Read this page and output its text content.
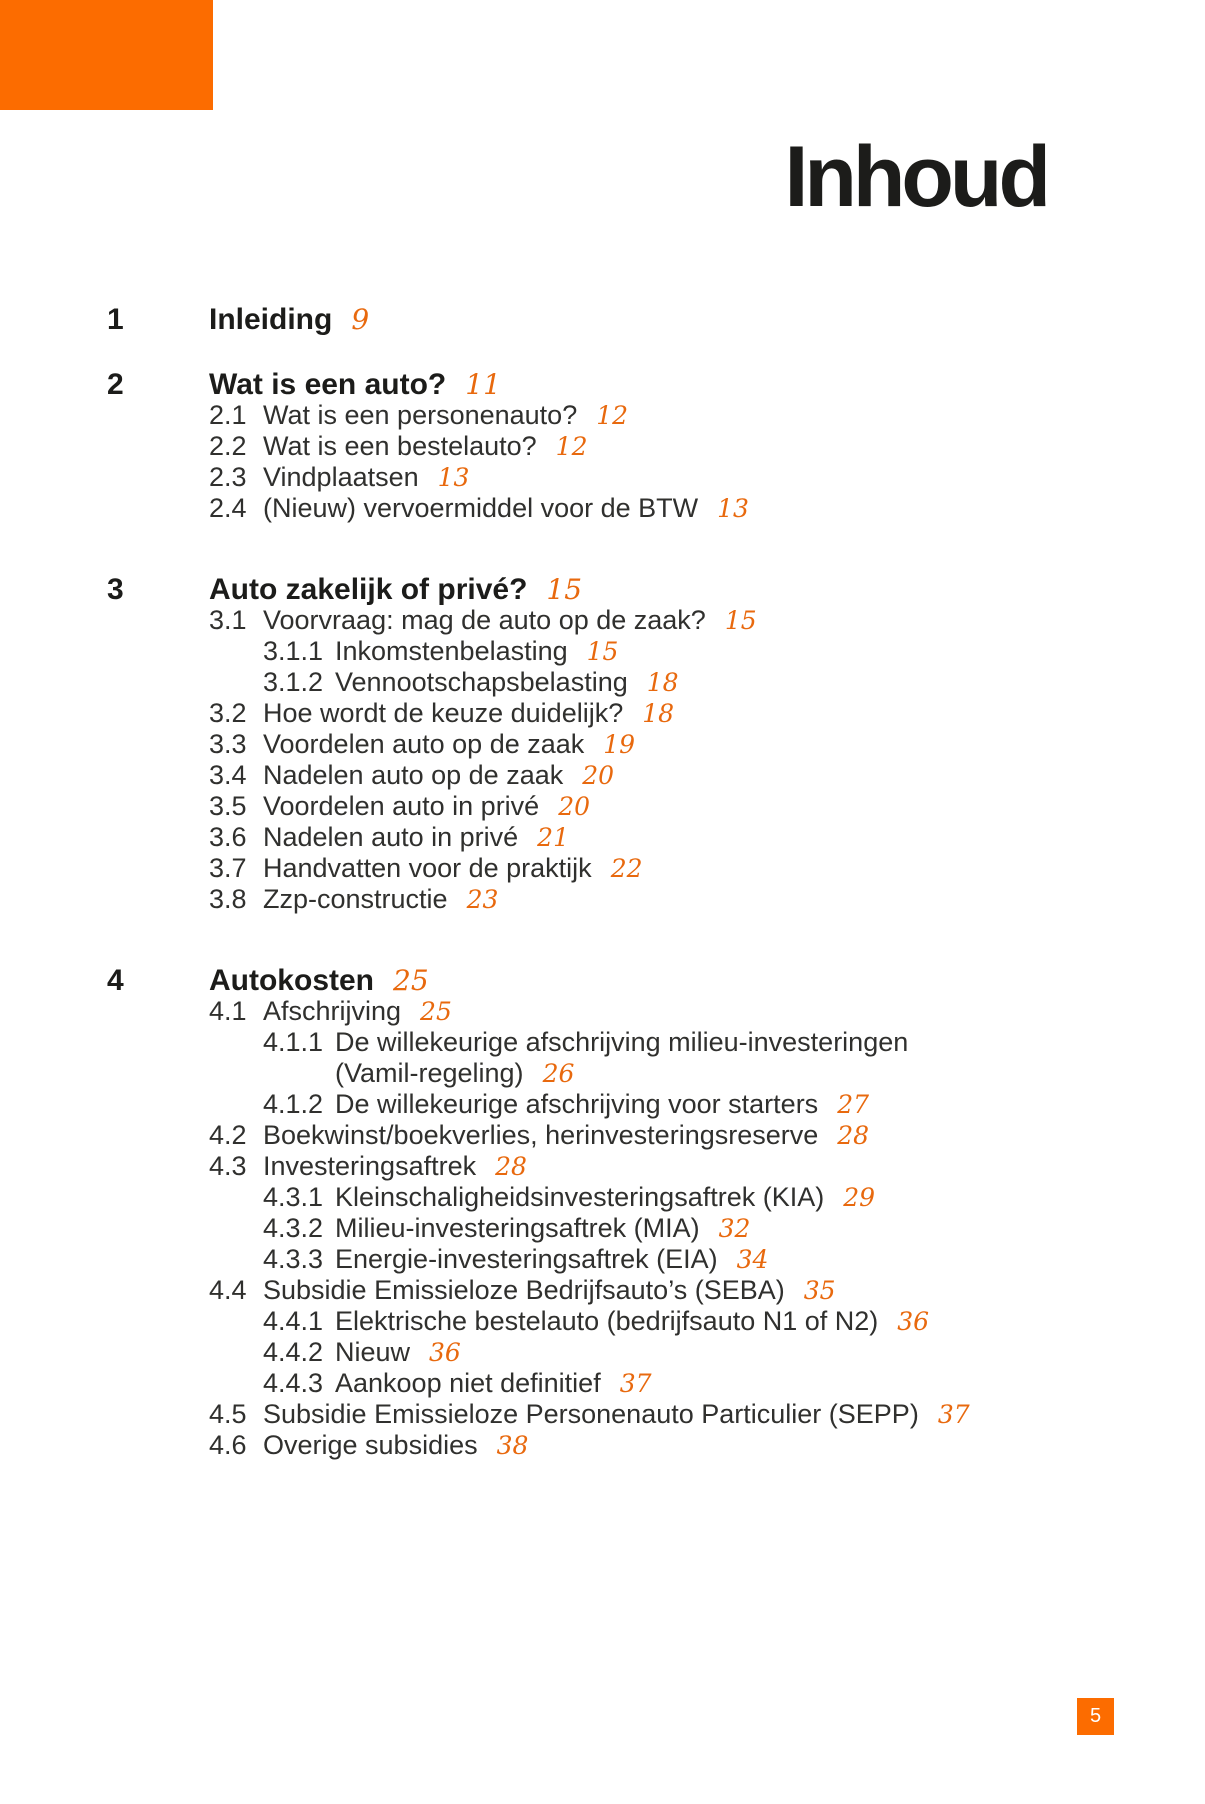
Inhoud
1	Inleiding 9
2	Wat is een auto? 11
2.1 Wat is een personenauto? 12
2.2 Wat is een bestelauto? 12
2.3 Vindplaatsen 13
2.4 (Nieuw) vervoermiddel voor de BTW 13
3	Auto zakelijk of privé? 15
3.1 Voorvraag: mag de auto op de zaak? 15
3.1.1 Inkomstenbelasting 15
3.1.2 Vennootschapsbelasting 18
3.2 Hoe wordt de keuze duidelijk? 18
3.3 Voordelen auto op de zaak 19
3.4 Nadelen auto op de zaak 20
3.5 Voordelen auto in privé 20
3.6 Nadelen auto in privé 21
3.7 Handvatten voor de praktijk 22
3.8 Zzp-constructie 23
4	Autokosten 25
4.1 Afschrijving 25
4.1.1 De willekeurige afschrijving milieu-investeringen
(Vamil-regeling) 26
4.1.2 De willekeurige afschrijving voor starters 27
4.2 Boekwinst/boekverlies, herinvesteringsreserve 28
4.3 Investeringsaftrek 28
4.3.1 Kleinschaligheidsinvesteringsaftrek (KIA) 29
4.3.2 Milieu-investeringsaftrek (MIA) 32
4.3.3 Energie-investeringsaftrek (EIA) 34
4.4 Subsidie Emissieloze Bedrijfsauto’s (SEBA) 35
4.4.1 Elektrische bestelauto (bedrijfsauto N1 of N2) 36
4.4.2 Nieuw 36
4.4.3 Aankoop niet definitief 37
4.5 Subsidie Emissieloze Personenauto Particulier (SEPP) 37
4.6 Overige subsidies 38
5
